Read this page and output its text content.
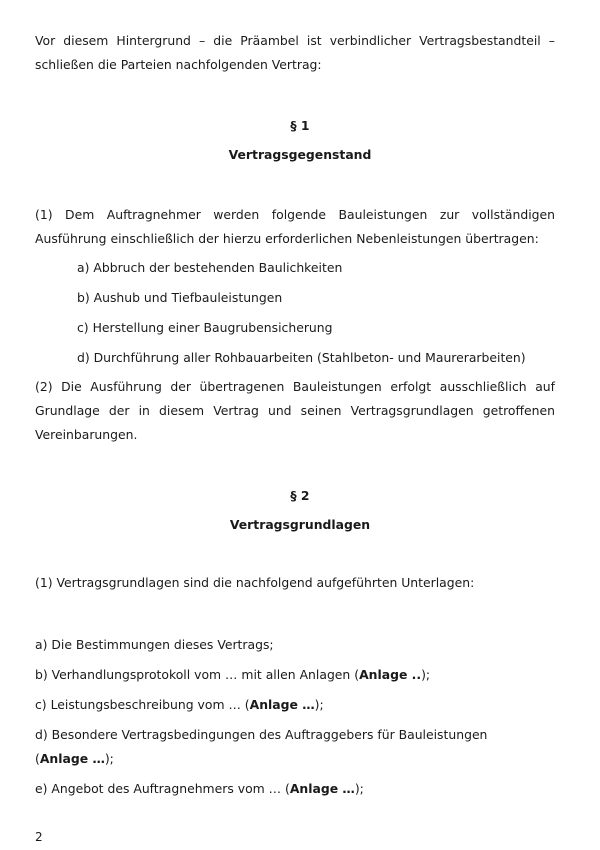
Vor diesem Hintergrund – die Präambel ist verbindlicher Vertragsbestandteil –
schließen die Parteien nachfolgenden Vertrag:
§ 1
Vertragsgegenstand
(1) Dem Auftragnehmer werden folgende Bauleistungen zur vollständigen
Ausführung einschließlich der hierzu erforderlichen Nebenleistungen übertragen:
a) Abbruch der bestehenden Baulichkeiten
b) Aushub und Tiefbauleistungen
c) Herstellung einer Baugrubensicherung
d) Durchführung aller Rohbauarbeiten (Stahlbeton- und Maurerarbeiten)
(2) Die Ausführung der übertragenen Bauleistungen erfolgt ausschließlich auf
Grundlage der in diesem Vertrag und seinen Vertragsgrundlagen getroffenen
Vereinbarungen.
§ 2
Vertragsgrundlagen
(1) Vertragsgrundlagen sind die nachfolgend aufgeführten Unterlagen:
a) Die Bestimmungen dieses Vertrags;
b) Verhandlungsprotokoll vom … mit allen Anlagen (Anlage ..);
c) Leistungsbeschreibung vom … (Anlage …);
d) Besondere Vertragsbedingungen des Auftraggebers für Bauleistungen
(Anlage …);
e) Angebot des Auftragnehmers vom … (Anlage …);
2
